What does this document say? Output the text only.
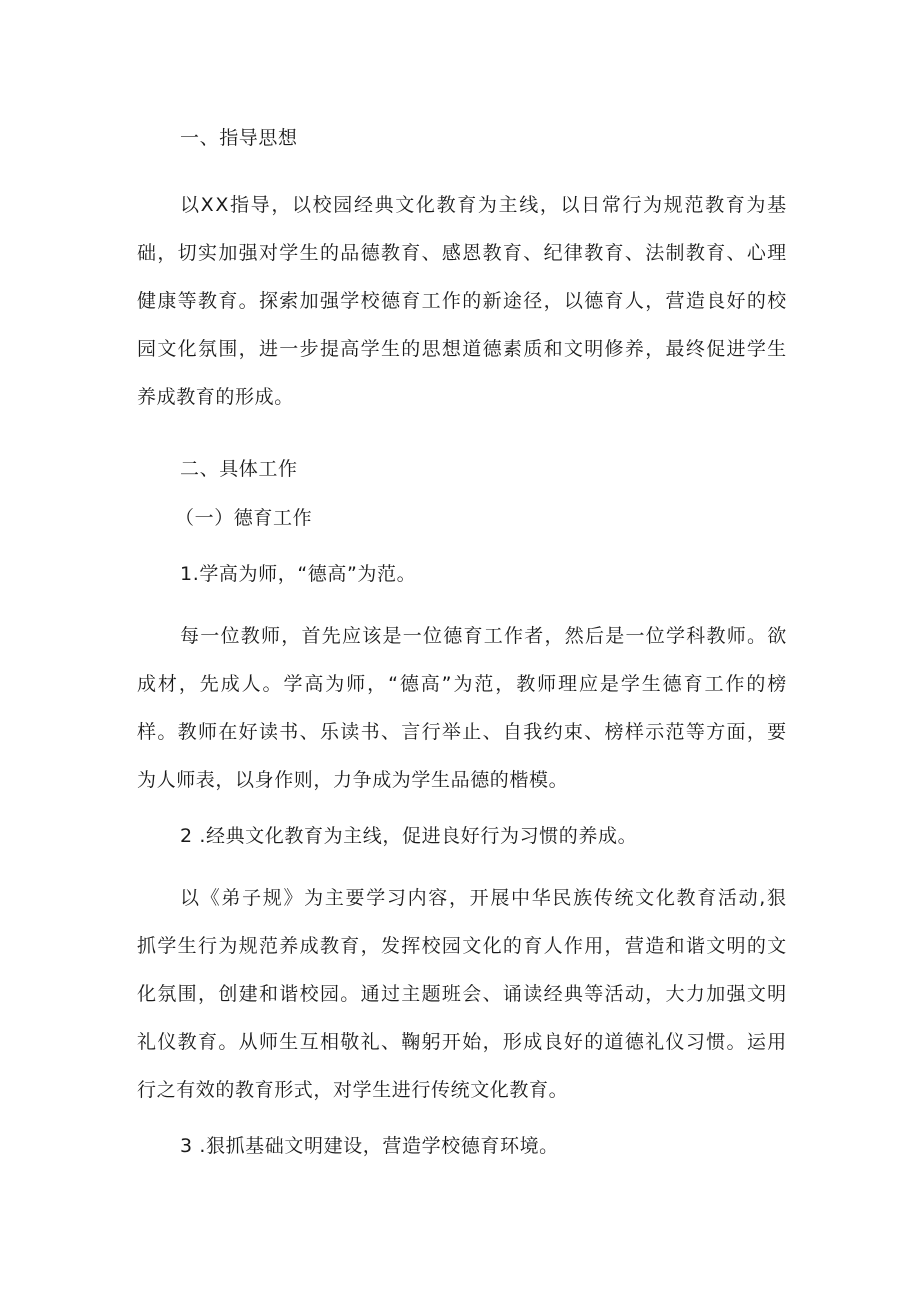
一、指导思想
以 X X 指 导 ， 以 校 园 经 典 文 化 教 育 为 主 线 ， 以 日 常 行 为 规 范 教 育 为 基
础 ， 切 实 加 强 对 学 生 的 品 德 教 育 、 感 恩 教 育 、 纪 律 教 育 、 法 制 教 育 、 心 理
健 康 等 教 育 。 探 索 加 强 学 校 德 育 工 作 的 新 途 径 ， 以 德 育 人 ， 营 造 良 好 的 校
园 文 化 氛 围 ， 进 一 步 提 高 学 生 的 思 想 道 德 素 质 和 文 明 修 养 ， 最 终 促 进 学 生
养成教育的形成。
二、具体工作
（一）德育工作
1.学高为师，“德高”为范。
每 一 位 教 师 ， 首 先 应 该 是 一 位 德 育 工 作 者 ， 然 后 是 一 位 学 科 教 师 。 欲
成 材 ， 先 成 人 。 学 高 为 师 ， “ 德 高 ” 为 范 ， 教 师 理 应 是 学 生 德 育 工 作 的 榜
样 。 教 师 在 好 读 书 、 乐 读 书 、 言 行 举 止 、 自 我 约 束 、 榜 样 示 范 等 方 面 ， 要
为人师表，以身作则，力争成为学生品德的楷模。
2 .经典文化教育为主线，促进良好行为习惯的养成。
以 《 弟 子 规 》 为 主 要 学 习 内 容 ， 开 展 中 华 民 族 传 统 文 化 教 育 活 动 , 狠
抓 学 生 行 为 规 范 养 成 教 育 ， 发 挥 校 园 文 化 的 育 人 作 用 ， 营 造 和 谐 文 明 的 文
化 氛 围 ， 创 建 和 谐 校 园 。 通 过 主 题 班 会 、 诵 读 经 典 等 活 动 ， 大 力 加 强 文 明
礼 仪 教 育 。 从 师 生 互 相 敬 礼 、 鞠 躬 开 始 ， 形 成 良 好 的 道 德 礼 仪 习 惯 。 运 用
行之有效的教育形式，对学生进行传统文化教育。
3 .狠抓基础文明建设，营造学校德育环境。
